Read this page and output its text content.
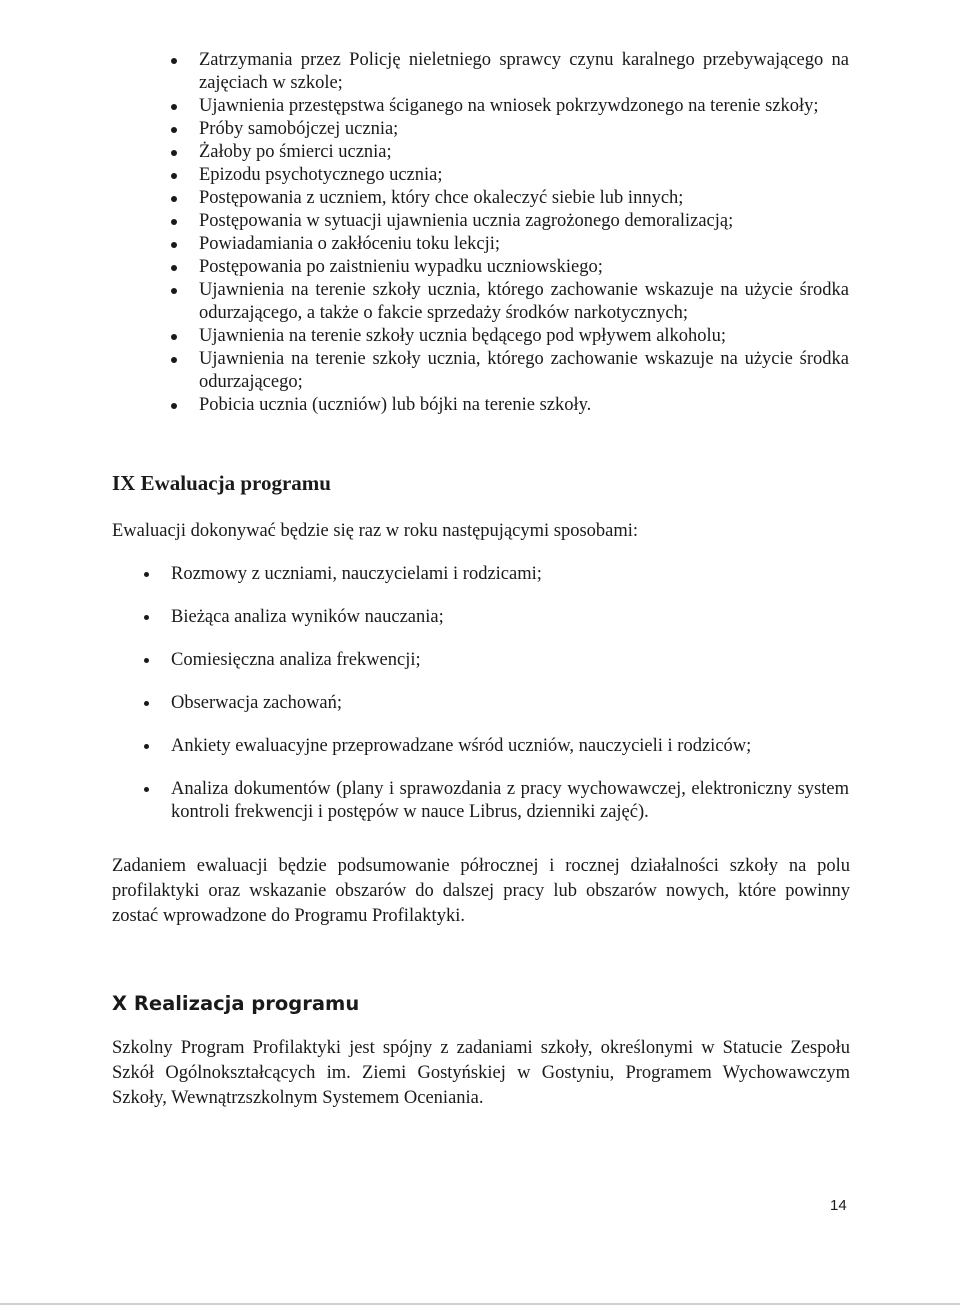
Zatrzymania przez Policję nieletniego sprawcy czynu karalnego przebywającego na zajęciach w szkole;
Ujawnienia przestępstwa ściganego na wniosek pokrzywdzonego na terenie szkoły;
Próby samobójczej ucznia;
Żałoby po śmierci ucznia;
Epizodu psychotycznego ucznia;
Postępowania z uczniem, który chce okaleczyć siebie lub innych;
Postępowania w sytuacji ujawnienia ucznia zagrożonego demoralizacją;
Powiadamiania o zakłóceniu toku lekcji;
Postępowania po zaistnieniu wypadku uczniowskiego;
Ujawnienia na terenie szkoły ucznia, którego zachowanie wskazuje na użycie środka odurzającego, a także o fakcie sprzedaży środków narkotycznych;
Ujawnienia na terenie szkoły ucznia będącego pod wpływem alkoholu;
Ujawnienia na terenie szkoły ucznia, którego zachowanie wskazuje na użycie środka odurzającego;
Pobicia ucznia (uczniów) lub bójki na terenie szkoły.
IX Ewaluacja programu

Ewaluacji dokonywać będzie się raz w roku następującymi sposobami:

Rozmowy z uczniami, nauczycielami i rodzicami;
Bieżąca analiza wyników nauczania;
Comiesięczna analiza frekwencji;
Obserwacja zachowań;
Ankiety ewaluacyjne przeprowadzane wśród uczniów, nauczycieli i rodziców;
Analiza dokumentów (plany i sprawozdania z pracy wychowawczej, elektroniczny system kontroli frekwencji i postępów w nauce Librus, dzienniki zajęć).

Zadaniem ewaluacji będzie podsumowanie półrocznej i rocznej działalności szkoły na polu profilaktyki oraz wskazanie obszarów do dalszej pracy lub obszarów nowych, które powinny zostać wprowadzone do Programu Profilaktyki.

X Realizacja programu

Szkolny Program Profilaktyki jest spójny z zadaniami szkoły, określonymi w Statucie Zespołu Szkół Ogólnokształcących im. Ziemi Gostyńskiej w Gostyniu, Programem Wychowawczym Szkoły, Wewnątrzszkolnym Systemem Oceniania.

14
